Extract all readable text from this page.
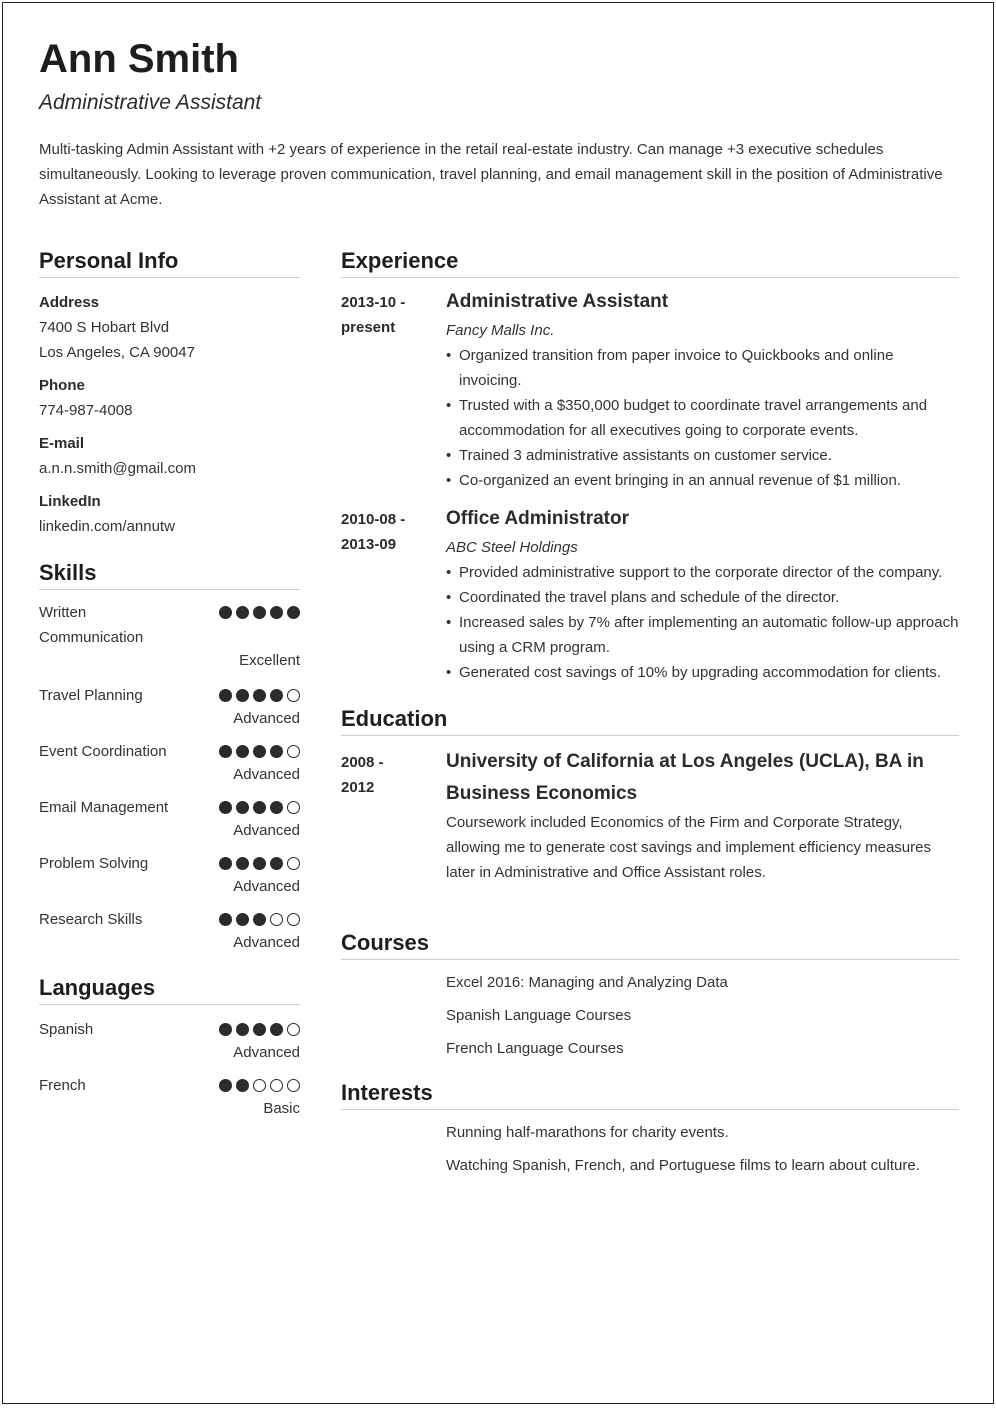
Ann Smith
Administrative Assistant
Multi-tasking Admin Assistant with +2 years of experience in the retail real-estate industry. Can manage +3 executive schedules simultaneously. Looking to leverage proven communication, travel planning, and email management skill in the position of Administrative Assistant at Acme.
Personal Info
Address
7400 S Hobart Blvd
Los Angeles, CA 90047
Phone
774-987-4008
E-mail
a.n.n.smith@gmail.com
LinkedIn
linkedin.com/annutw
Skills
Written Communication
Excellent
Travel Planning
Advanced
Event Coordination
Advanced
Email Management
Advanced
Problem Solving
Advanced
Research Skills
Advanced
Languages
Spanish
Advanced
French
Basic
Experience
2013-10 -
present
Administrative Assistant
Fancy Malls Inc.
• Organized transition from paper invoice to Quickbooks and online invoicing.
• Trusted with a $350,000 budget to coordinate travel arrangements and accommodation for all executives going to corporate events.
• Trained 3 administrative assistants on customer service.
• Co-organized an event bringing in an annual revenue of $1 million.
2010-08 -
2013-09
Office Administrator
ABC Steel Holdings
• Provided administrative support to the corporate director of the company.
• Coordinated the travel plans and schedule of the director.
• Increased sales by 7% after implementing an automatic follow-up approach using a CRM program.
• Generated cost savings of 10% by upgrading accommodation for clients.
Education
2008 -
2012
University of California at Los Angeles (UCLA), BA in Business Economics
Coursework included Economics of the Firm and Corporate Strategy, allowing me to generate cost savings and implement efficiency measures later in Administrative and Office Assistant roles.
Courses
Excel 2016: Managing and Analyzing Data
Spanish Language Courses
French Language Courses
Interests
Running half-marathons for charity events.
Watching Spanish, French, and Portuguese films to learn about culture.
